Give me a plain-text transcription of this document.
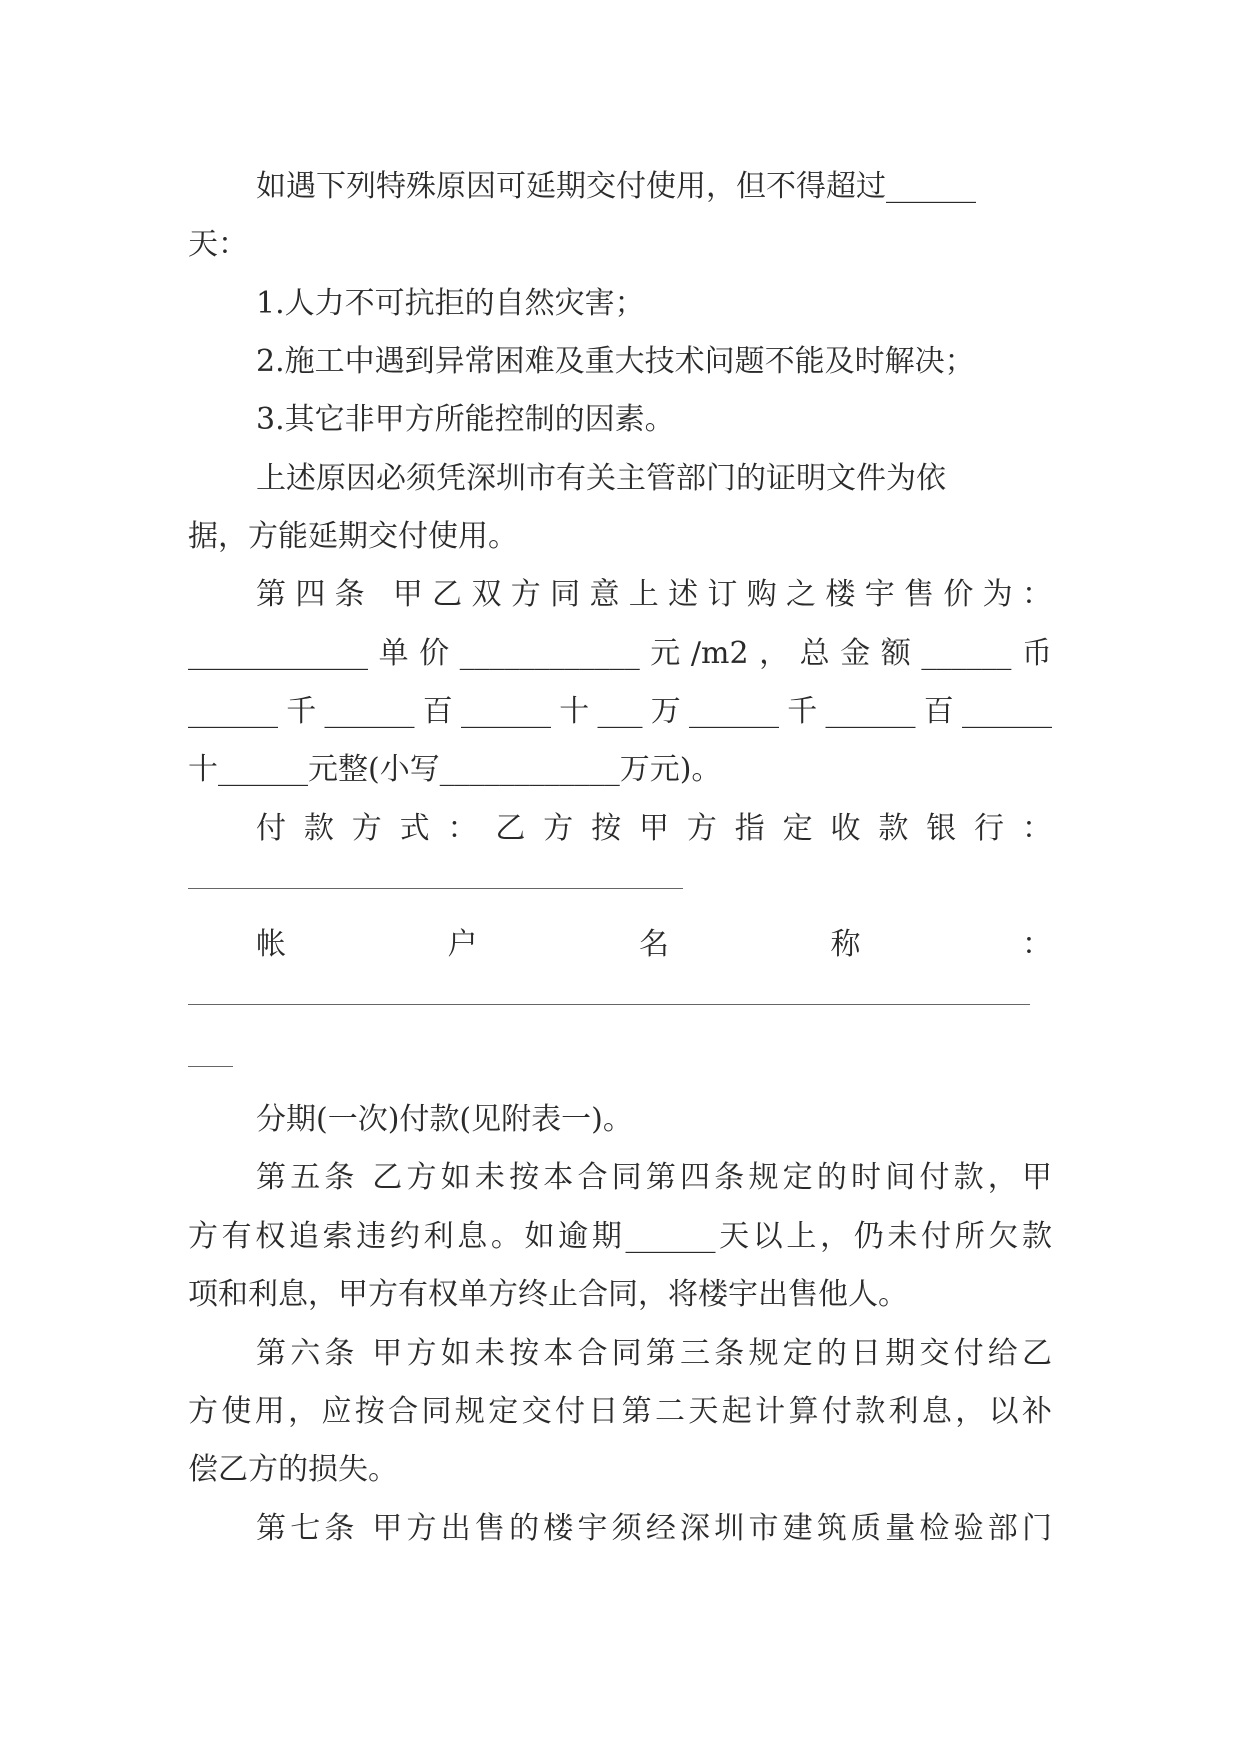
如遇下列特殊原因可延期交付使用，但不得超过______
天：
1.人力不可抗拒的自然灾害；
2.施工中遇到异常困难及重大技术问题不能及时解决；
3.其它非甲方所能控制的因素。
上述原因必须凭深圳市有关主管部门的证明文件为依
据，方能延期交付使用。
第四条 甲乙双方同意上述订购之楼宇售价为：
____________单价____________元/m2，总金额______币
______千______百______十___万______千______百______
十______元整(小写____________万元)。
付款方式：乙方按甲方指定收款银行：
帐户名称：
分期(一次)付款(见附表一)。
第五条 乙方如未按本合同第四条规定的时间付款，甲
方有权追索违约利息。如逾期______天以上，仍未付所欠款
项和利息，甲方有权单方终止合同，将楼宇出售他人。
第六条 甲方如未按本合同第三条规定的日期交付给乙
方使用，应按合同规定交付日第二天起计算付款利息，以补
偿乙方的损失。
第七条 甲方出售的楼宇须经深圳市建筑质量检验部门
